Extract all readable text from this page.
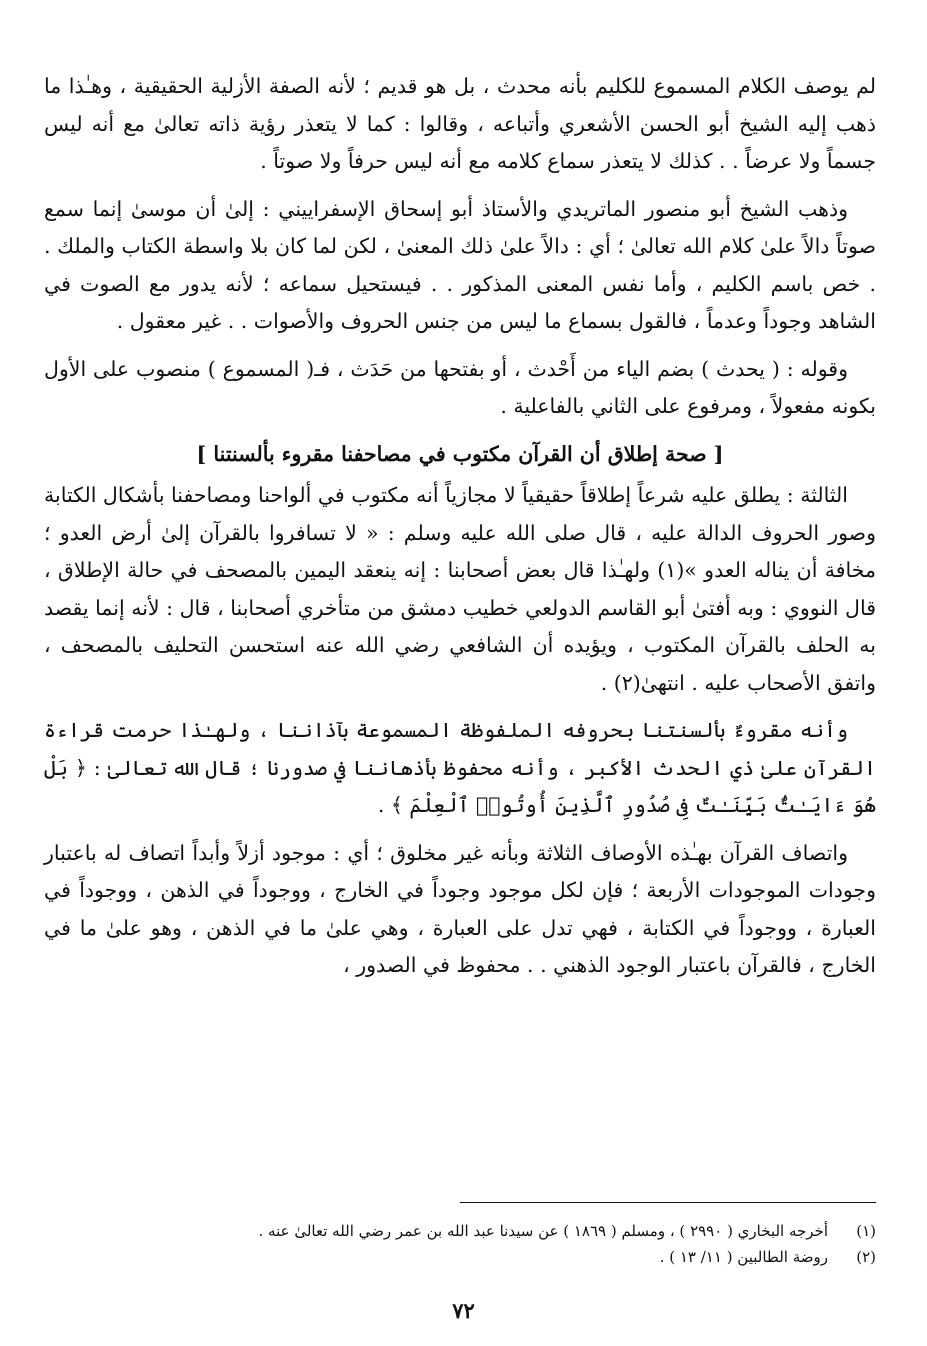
لم يوصف الكلام المسموع للكليم بأنه محدث ، بل هو قديم ؛ لأنه الصفة الأزلية الحقيقية ، وهـٰذا ما ذهب إليه الشيخ أبو الحسن الأشعري وأتباعه ، وقالوا : كما لا يتعذر رؤية ذاته تعالىٰ مع أنه ليس جسماً ولا عرضاً . . كذلك لا يتعذر سماع كلامه مع أنه ليس حرفاً ولا صوتاً .

وذهب الشيخ أبو منصور الماتريدي والأستاذ أبو إسحاق الإسفراييني : إلىٰ أن موسىٰ إنما سمع صوتاً دالاً علىٰ كلام الله تعالىٰ ؛ أي : دالاً علىٰ ذلك المعنىٰ ، لكن لما كان بلا واسطة الكتاب والملك . . خص باسم الكليم ، وأما نفس المعنى المذكور . . فيستحيل سماعه ؛ لأنه يدور مع الصوت في الشاهد وجوداً وعدماً ، فالقول بسماع ما ليس من جنس الحروف والأصوات . . غير معقول .

وقوله : ( يحدث ) بضم الياء من أَحْدث ، أو بفتحها من حَدَث ، فـ( المسموع ) منصوب على الأول بكونه مفعولاً ، ومرفوع على الثاني بالفاعلية .

[ صحة إطلاق أن القرآن مكتوب في مصاحفنا مقروء بألسنتنا ]

الثالثة : يطلق عليه شرعاً إطلاقاً حقيقياً لا مجازياً أنه مكتوب في ألواحنا ومصاحفنا بأشكال الكتابة وصور الحروف الدالة عليه ، قال صلى الله عليه وسلم : « لا تسافروا بالقرآن إلىٰ أرض العدو ؛ مخافة أن يناله العدو »(١) ولهـٰذا قال بعض أصحابنا : إنه ينعقد اليمين بالمصحف في حالة الإطلاق ، قال النووي : وبه أفتىٰ أبو القاسم الدولعي خطيب دمشق من متأخري أصحابنا ، قال : لأنه إنما يقصد به الحلف بالقرآن المكتوب ، ويؤيده أن الشافعي رضي الله عنه استحسن التحليف بالمصحف ، واتفق الأصحاب عليه . انتهىٰ(٢) .

وأنه مقروءٌ بألسنتنا بحروفه الملفوظة المسموعة بآذاننا ، ولهـٰذا حرمت قراءة القرآن علىٰ ذي الحدث الأكبر ، وأنه محفوظ بأذهاننا في صدورنا ؛ قال الله تعالىٰ : ﴿ بَلْ هُوَ ءَايَـٰتٌۢ بَيِّنَـٰتٌ فِى صُدُورِ ٱلَّذِينَ أُوتُوا۟ ٱلْعِلْمَ ﴾ .

واتصاف القرآن بهـٰذه الأوصاف الثلاثة وبأنه غير مخلوق ؛ أي : موجود أزلاً وأبداً اتصاف له باعتبار وجودات الموجودات الأربعة ؛ فإن لكل موجود وجوداً في الخارج ، ووجوداً في الذهن ، ووجوداً في العبارة ، ووجوداً في الكتابة ، فهي تدل على العبارة ، وهي علىٰ ما في الذهن ، وهو علىٰ ما في الخارج ، فالقرآن باعتبار الوجود الذهني . . محفوظ في الصدور ،

(١)
أخرجه البخاري ( ٢٩٩٠ ) ، ومسلم ( ١٨٦٩ ) عن سيدنا عبد الله بن عمر رضي الله تعالىٰ عنه .
(٢)
روضة الطالبين ( ١١/ ١٣ ) .
٧٢
